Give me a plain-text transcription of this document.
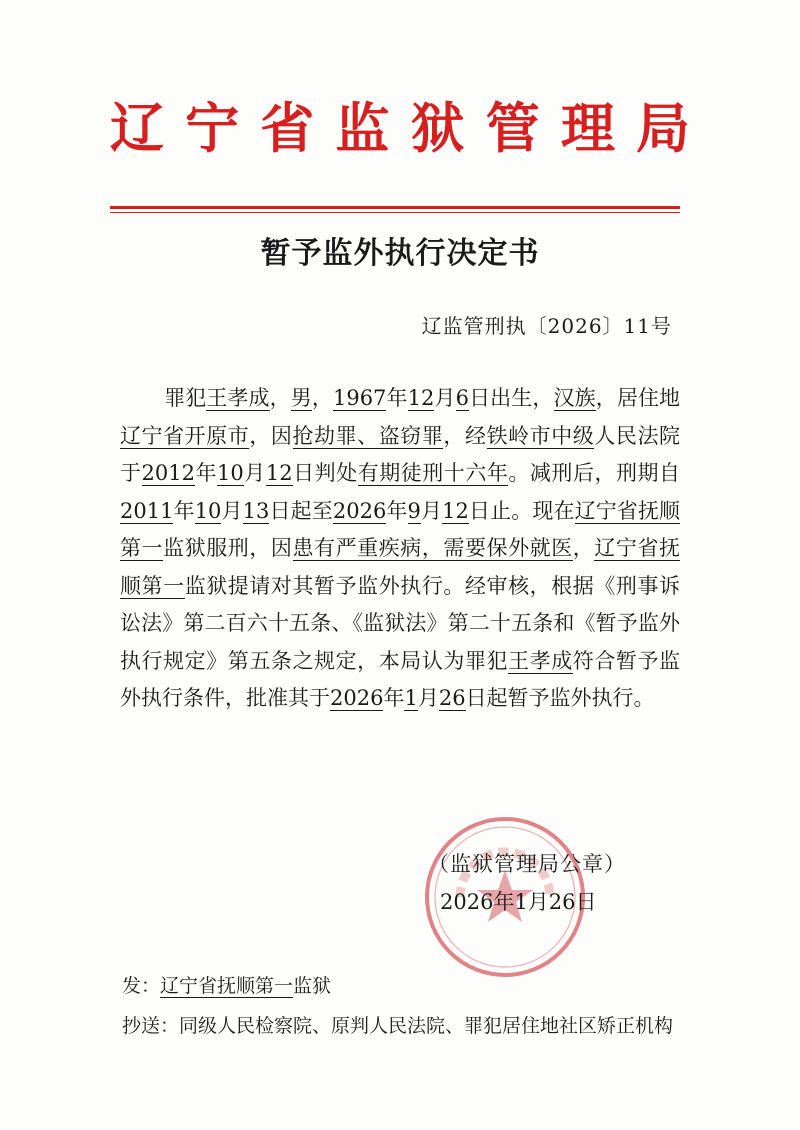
辽 宁 省 监 狱 管 理 局
暂予监外执行决定书
辽监管刑执〔2026〕11号

罪犯王孝成，男，1967年12月6日出生，汉族，居住地辽宁省开原市，因抢劫罪、盗窃罪，经铁岭市中级人民法院于2012年10月12日判处有期徒刑十六年。减刑后，刑期自2011年10月13日起至2026年9月12日止。现在辽宁省抚顺第一监狱服刑，因患有严重疾病，需要保外就医，辽宁省抚顺第一监狱提请对其暂予监外执行。经审核，根据《刑事诉讼法》第二百六十五条、《监狱法》第二十五条和《暂予监外执行规定》第五条之规定，本局认为罪犯王孝成符合暂予监外执行条件，批准其于2026年1月26日起暂予监外执行。

（监狱管理局公章）
2026年1月26日
发：辽宁省抚顺第一监狱
抄送：同级人民检察院、原判人民法院、罪犯居住地社区矫正机构
